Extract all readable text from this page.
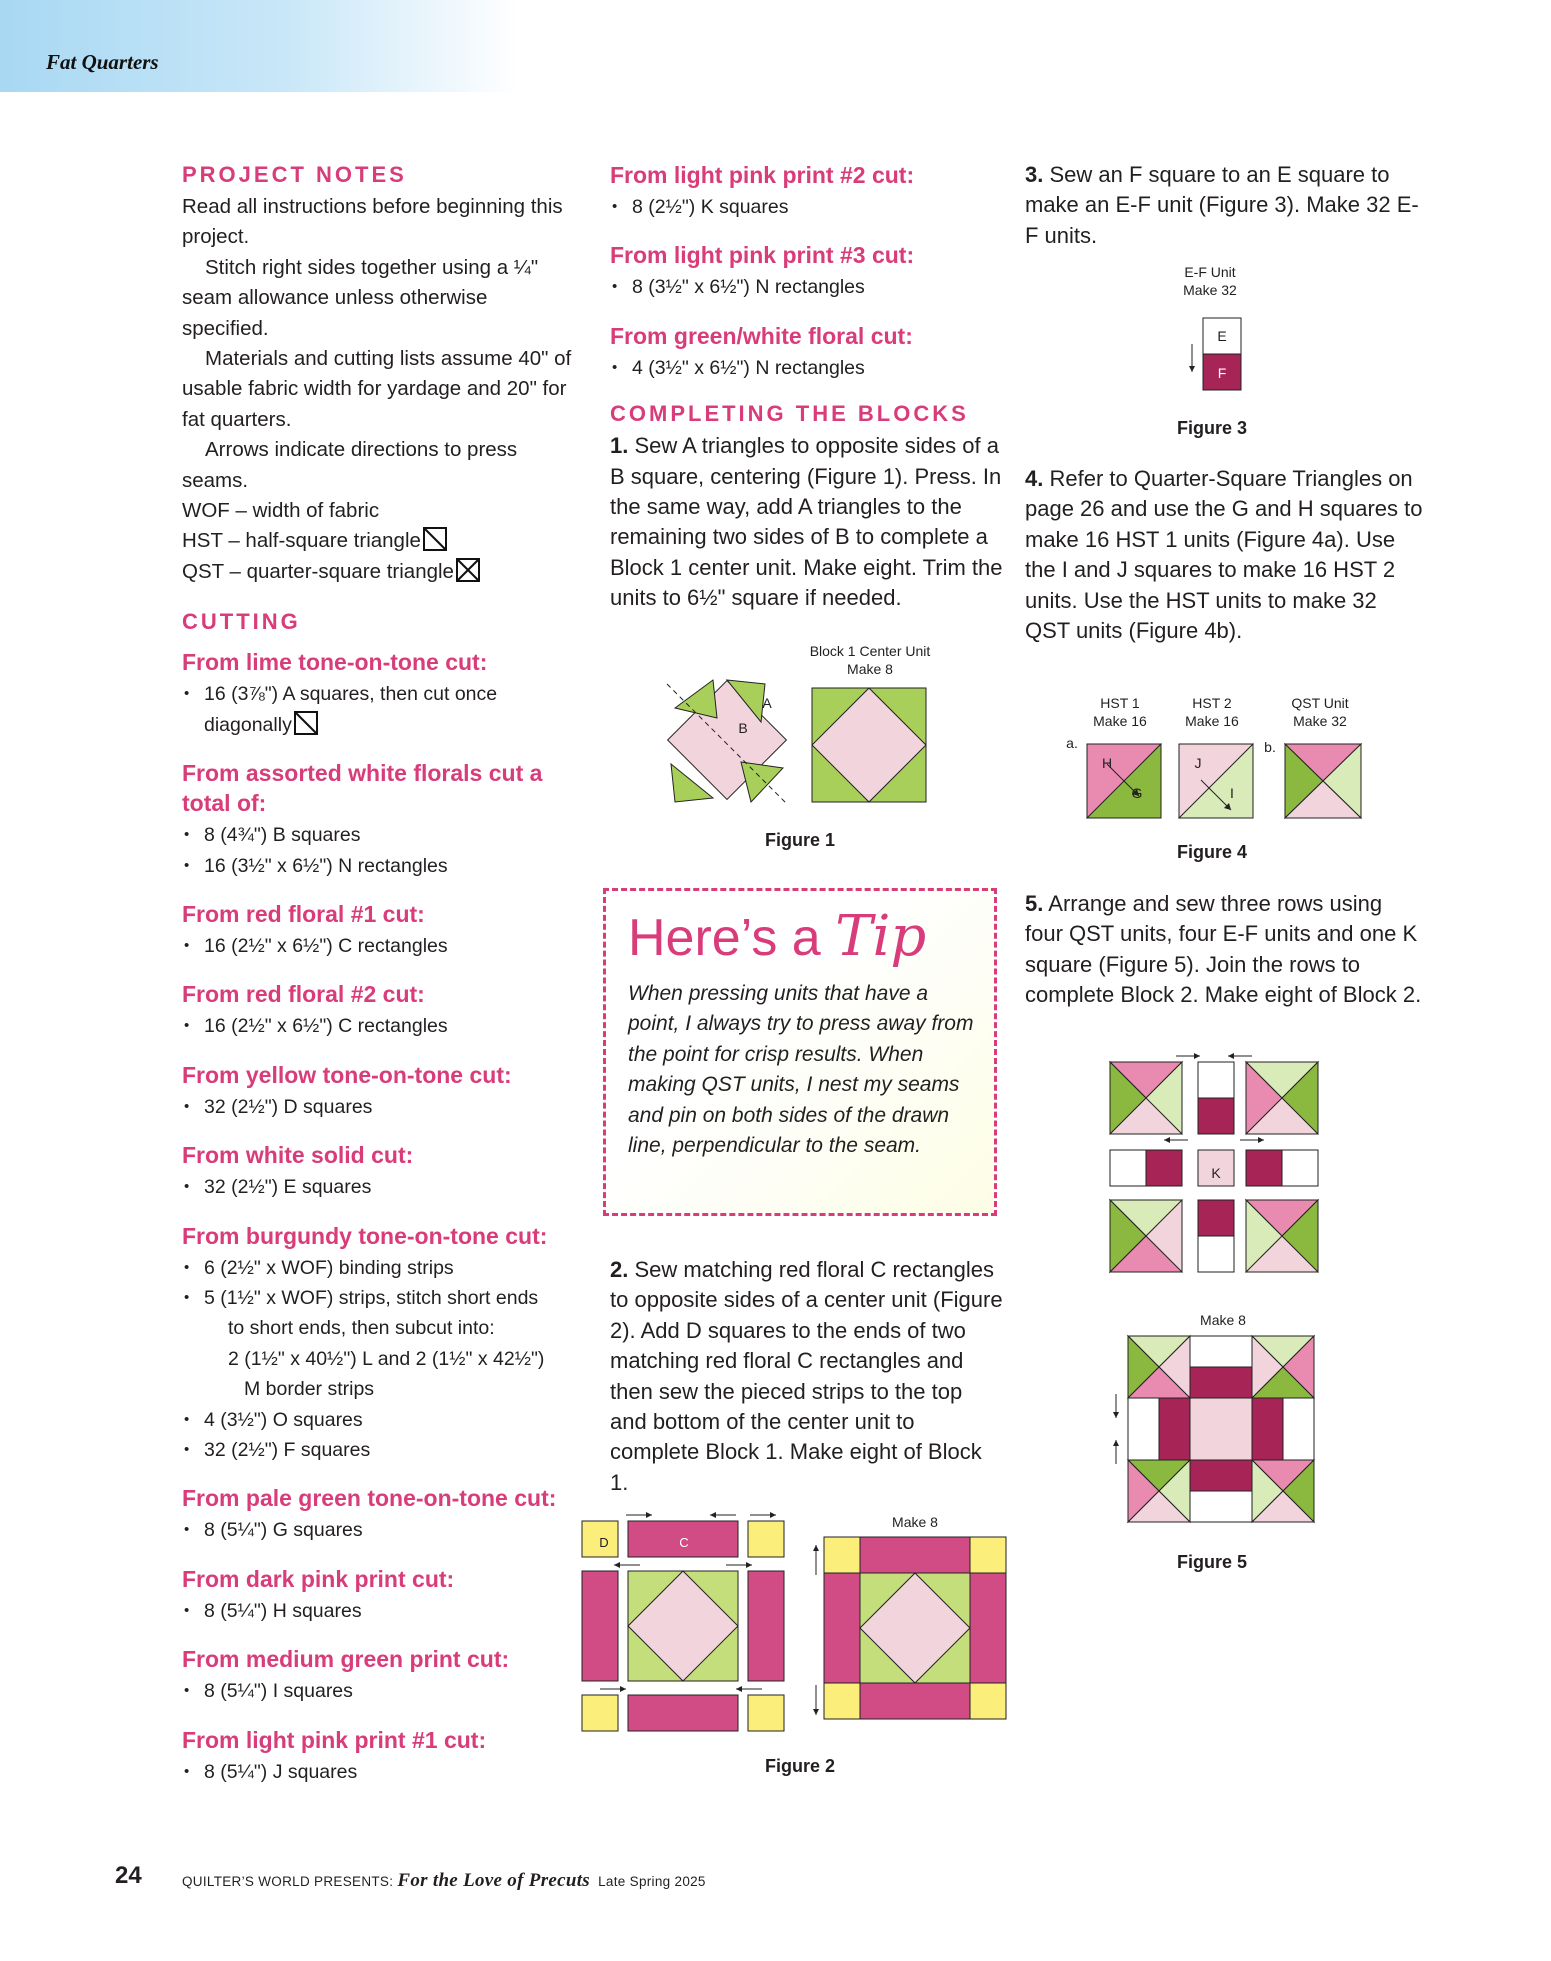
Fat Quarters
PROJECT NOTES

Read all instructions before beginning this project.

Stitch right sides together using a ¼" seam allowance unless otherwise specified.

Materials and cutting lists assume 40" of usable fabric width for yardage and 20" for fat quarters.

Arrows indicate directions to press seams.

WOF – width of fabric

HST – half-square triangle

QST – quarter-square triangle

CUTTING
From lime tone-on-tone cut:
• 16 (3⅞") A squares, then cut once diagonally
From assorted white florals cut a total of:
• 8 (4¾") B squares
• 16 (3½" x 6½") N rectangles
From red floral #1 cut:
• 16 (2½" x 6½") C rectangles
From red floral #2 cut:
• 16 (2½" x 6½") C rectangles
From yellow tone-on-tone cut:
• 32 (2½") D squares
From white solid cut:
• 32 (2½") E squares
From burgundy tone-on-tone cut:
• 6 (2½" x WOF) binding strips
• 5 (1½" x WOF) strips, stitch short ends
to short ends, then subcut into:
2 (1½" x 40½") L and 2 (1½" x 42½")
M border strips
• 4 (3½") O squares
• 32 (2½") F squares
From pale green tone-on-tone cut:
• 8 (5¼") G squares
From dark pink print cut:
• 8 (5¼") H squares
From medium green print cut:
• 8 (5¼") I squares
From light pink print #1 cut:
• 8 (5¼") J squares
From light pink print #2 cut:
• 8 (2½") K squares
From light pink print #3 cut:
• 8 (3½" x 6½") N rectangles
From green/white floral cut:
• 4 (3½" x 6½") N rectangles
COMPLETING THE BLOCKS

1. Sew A triangles to opposite sides of a B square, centering (Figure 1). Press. In the same way, add A triangles to the remaining two sides of B to complete a Block 1 center unit. Make eight. Trim the units to 6½" square if needed.

Block 1 Center Unit
Make 8
A
B
Figure 1
Here’s a Tip
When pressing units that have a point, I always try to press away from the point for crisp results. When making QST units, I nest my seams and pin on both sides of the drawn line, perpendicular to the seam.

2. Sew matching red floral C rectangles to opposite sides of a center unit (Figure 2). Add D squares to the ends of two matching red floral C rectangles and then sew the pieced strips to the top and bottom of the center unit to complete Block 1. Make eight of Block 1.

Make 8
D	C
Figure 2

3. Sew an F square to an E square to make an E-F unit (Figure 3). Make 32 E-F units.

E-F Unit
Make 32
E
F
Figure 3

4. Refer to Quarter-Square Triangles on page 26 and use the G and H squares to make 16 HST 1 units (Figure 4a). Use the I and J squares to make 16 HST 2 units. Use the HST units to make 32 QST units (Figure 4b).

HST 1
Make 16
HST 2
Make 16
QST Unit
Make 32
a.	b.
H
G
J
I
Figure 4

5. Arrange and sew three rows using four QST units, four E-F units and one K square (Figure 5). Join the rows to complete Block 2. Make eight of Block 2.

K
Make 8
Figure 5
24	QUILTER’S WORLD PRESENTS: For the Love of Precuts Late Spring 2025
